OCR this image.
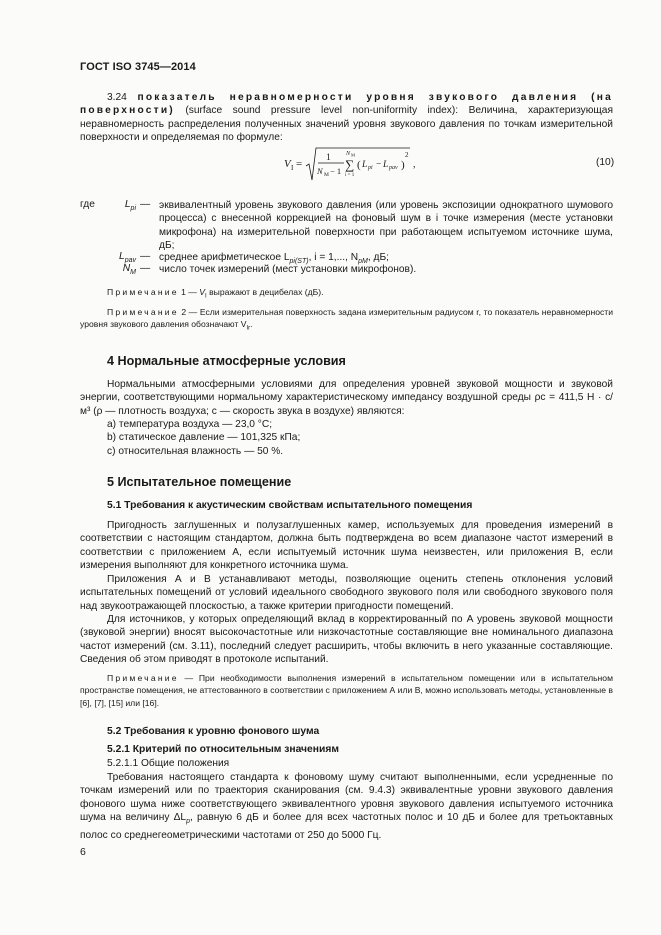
ГОСТ ISO 3745—2014
3.24 показатель неравномерности уровня звукового давления (на поверхности) (surface sound pressure level non-uniformity index): Величина, характеризующая неравномерность распределения полученных значений уровня звукового давления по точкам измерительной поверхности и определяемая по формуле:
V I =	1
N M − 1
N M
∑
i = 1
( L pi − L pav )
2
,	(10)
где	$L_{pi}$ — эквивалентный уровень звукового давления (или уровень экспозиции однократного шумового процесса) с внесенной коррекцией на фоновый шум в i точке измерения (месте установки микрофона) на измерительной поверхности при работающем испытуемом источнике шума, дБ;
$L_{pav}$ — среднее арифметическое $L_{pi(ST)}$, i = 1,..., $N_{pM}$, дБ;
$N_M$ — число точек измерений (мест установки микрофонов).
Примечание 1 — $V_I$ выражают в децибелах (дБ).
Примечание 2 — Если измерительная поверхность задана измерительным радиусом r, то показатель неравномерности уровня звукового давления обозначают $V_{Ir}$.
4 Нормальные атмосферные условия
Нормальными атмосферными условиями для определения уровней звуковой мощности и звуковой энергии, соответствующими нормальному характеристическому импедансу воздушной среды ρc = 411,5 Н · с/м³ (ρ — плотность воздуха; c — скорость звука в воздухе) являются:
a) температура воздуха — 23,0 °С;
b) статическое давление — 101,325 кПа;
c) относительная влажность — 50 %.
5 Испытательное помещение
5.1 Требования к акустическим свойствам испытательного помещения
Пригодность заглушенных и полузаглушенных камер, используемых для проведения измерений в соответствии с настоящим стандартом, должна быть подтверждена во всем диапазоне частот измерений в соответствии с приложением А, если испытуемый источник шума неизвестен, или приложения В, если измерения выполняют для конкретного источника шума.
Приложения А и В устанавливают методы, позволяющие оценить степень отклонения условий испытательных помещений от условий идеального свободного звукового поля или свободного звукового поля над звукоотражающей плоскостью, а также критерии пригодности помещений.
Для источников, у которых определяющий вклад в корректированный по A уровень звуковой мощности (звуковой энергии) вносят высокочастотные или низкочастотные составляющие вне номинального диапазона частот измерений (см. 3.11), последний следует расширить, чтобы включить в него указанные составляющие. Сведения об этом приводят в протоколе испытаний.
Примечание — При необходимости выполнения измерений в испытательном помещении или в испытательном пространстве помещения, не аттестованного в соответствии с приложением А или В, можно использовать методы, установленные в [6], [7], [15] или [16].
5.2 Требования к уровню фонового шума
5.2.1 Критерий по относительным значениям
5.2.1.1 Общие положения
Требования настоящего стандарта к фоновому шуму считают выполненными, если усредненные по точкам измерений или по траектория сканирования (см. 9.4.3) эквивалентные уровни звукового давления фонового шума ниже соответствующего эквивалентного уровня звукового давления испытуемого источника шума на величину $\Delta L_p$, равную 6 дБ и более для всех частотных полос и 10 дБ и более для третьоктавных полос со среднегеометрическими частотами от 250 до 5000 Гц.
6
